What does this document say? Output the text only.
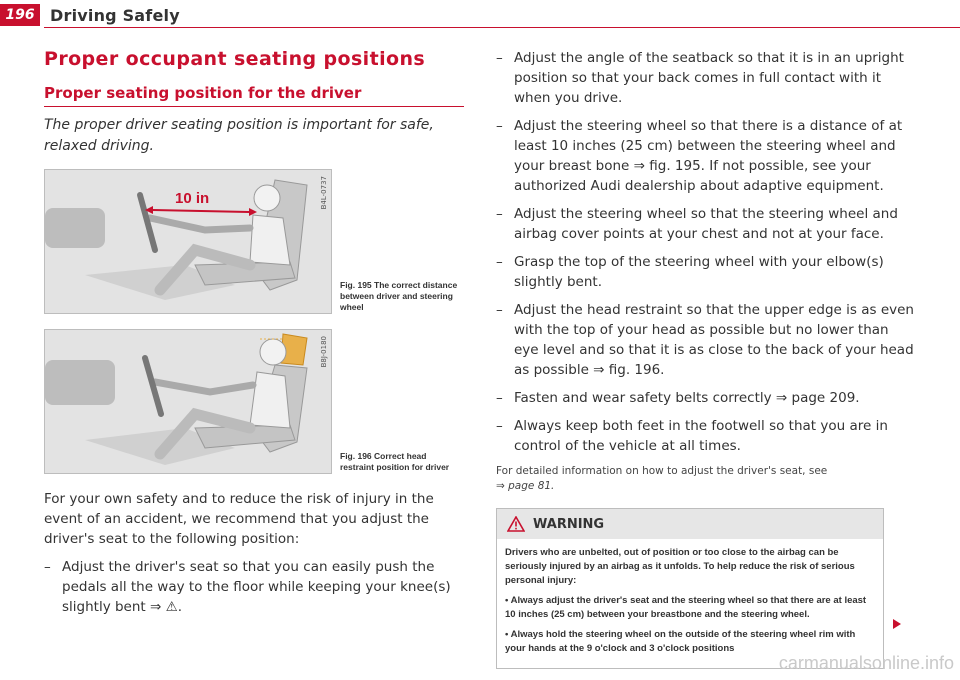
196 Driving Safely
Proper occupant seating positions
Proper seating position for the driver
The proper driver seating position is important for safe, relaxed driving.
10 in	B4L-0737
Fig. 195 The correct distance between driver and steering wheel
B8J-0180
Fig. 196 Correct head restraint position for driver
For your own safety and to reduce the risk of injury in the event of an accident, we recommend that you adjust the driver's seat to the following position:
– Adjust the driver's seat so that you can easily push the pedals all the way to the floor while keeping your knee(s) slightly bent ⇒ ⚠.
– Adjust the angle of the seatback so that it is in an upright position so that your back comes in full contact with it when you drive.
– Adjust the steering wheel so that there is a distance of at least 10 inches (25 cm) between the steering wheel and your breast bone ⇒ fig. 195. If not possible, see your authorized Audi dealership about adaptive equipment.
– Adjust the steering wheel so that the steering wheel and airbag cover points at your chest and not at your face.
– Grasp the top of the steering wheel with your elbow(s) slightly bent.
– Adjust the head restraint so that the upper edge is as even with the top of your head as possible but no lower than eye level and so that it is as close to the back of your head as possible ⇒ fig. 196.
– Fasten and wear safety belts correctly ⇒ page 209.
– Always keep both feet in the footwell so that you are in control of the vehicle at all times.
For detailed information on how to adjust the driver's seat, see
⇒ page 81.
WARNING

Drivers who are unbelted, out of position or too close to the airbag can be seriously injured by an airbag as it unfolds. To help reduce the risk of serious personal injury:

• Always adjust the driver's seat and the steering wheel so that there are at least 10 inches (25 cm) between your breastbone and the steering wheel.

• Always hold the steering wheel on the outside of the steering wheel rim with your hands at the 9 o'clock and 3 o'clock positions

carmanualsonline.info
